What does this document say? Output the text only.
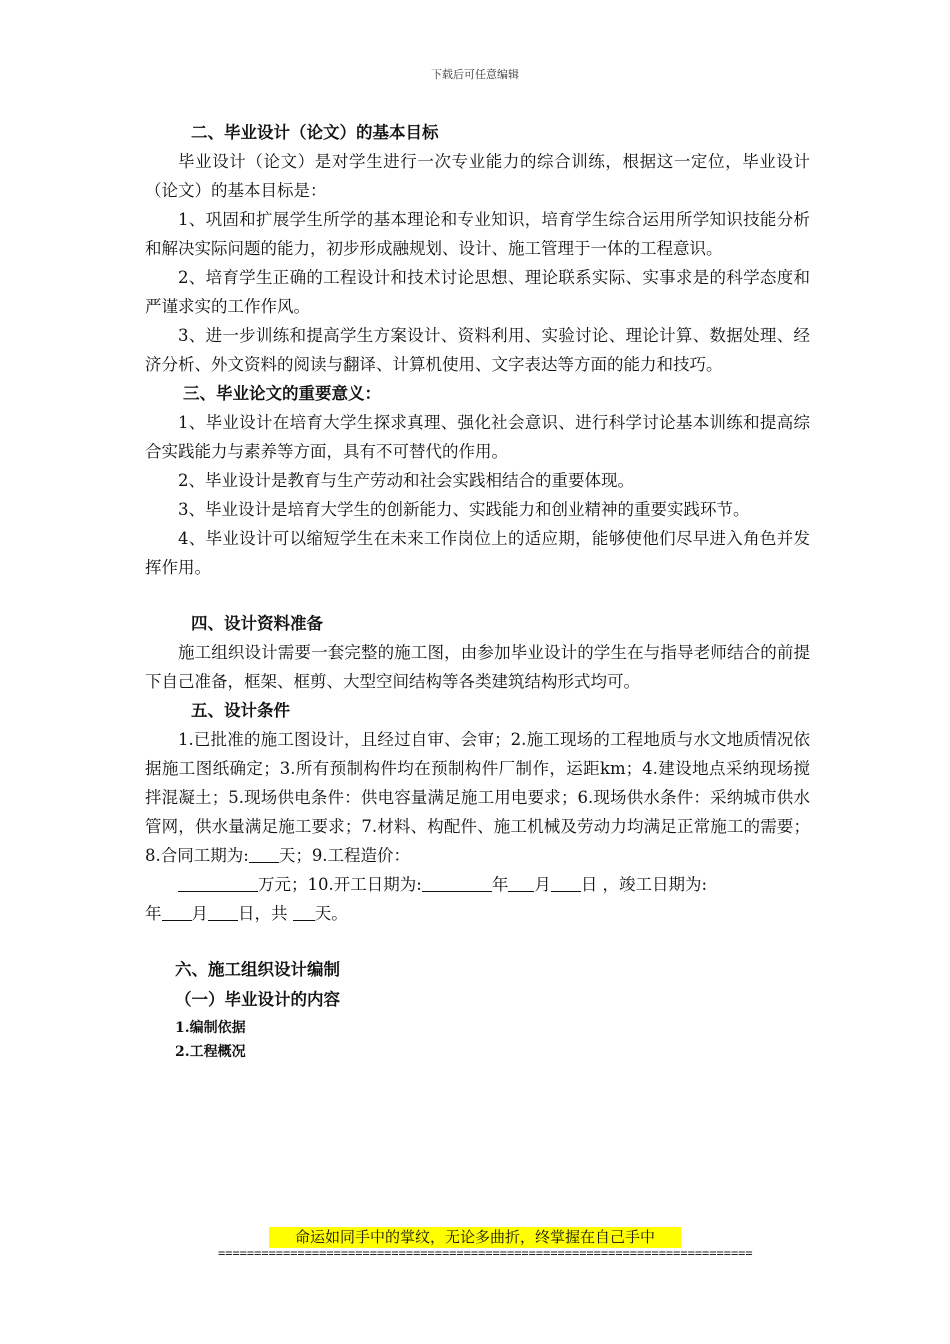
下载后可任意编辑

二、毕业设计（论文）的基本目标

毕业设计（论文）是对学生进行一次专业能力的综合训练，根据这一定位，毕业设计（论文）的基本目标是：

1、巩固和扩展学生所学的基本理论和专业知识，培育学生综合运用所学知识技能分析和解决实际问题的能力，初步形成融规划、设计、施工管理于一体的工程意识。

2、培育学生正确的工程设计和技术讨论思想、理论联系实际、实事求是的科学态度和严谨求实的工作作风。

3、进一步训练和提高学生方案设计、资料利用、实验讨论、理论计算、数据处理、经济分析、外文资料的阅读与翻译、计算机使用、文字表达等方面的能力和技巧。

三、毕业论文的重要意义：

1、毕业设计在培育大学生探求真理、强化社会意识、进行科学讨论基本训练和提高综合实践能力与素养等方面，具有不可替代的作用。

2、毕业设计是教育与生产劳动和社会实践相结合的重要体现。

3、毕业设计是培育大学生的创新能力、实践能力和创业精神的重要实践环节。

4、毕业设计可以缩短学生在未来工作岗位上的适应期，能够使他们尽早进入角色并发挥作用。

四、设计资料准备

施工组织设计需要一套完整的施工图，由参加毕业设计的学生在与指导老师结合的前提下自己准备，框架、框剪、大型空间结构等各类建筑结构形式均可。

五、设计条件

1.已批准的施工图设计，且经过自审、会审；2.施工现场的工程地质与水文地质情况依据施工图纸确定；3.所有预制构件均在预制构件厂制作，运距km；4.建设地点采纳现场搅拌混凝土；5.现场供电条件：供电容量满足施工用电要求；6.现场供水条件：采纳城市供水管网，供水量满足施工要求；7.材料、构配件、施工机械及劳动力均满足正常施工的需要；8.合同工期为: 天；9.工程造价：

万元；10.开工日期为:	年 月 日 ，竣工日期为:

年 月 日，共 天。

六、施工组织设计编制

（一）毕业设计的内容

1.编制依据

2.工程概况

命运如同手中的掌纹，无论多曲折，终掌握在自己手中
==========================================================================
